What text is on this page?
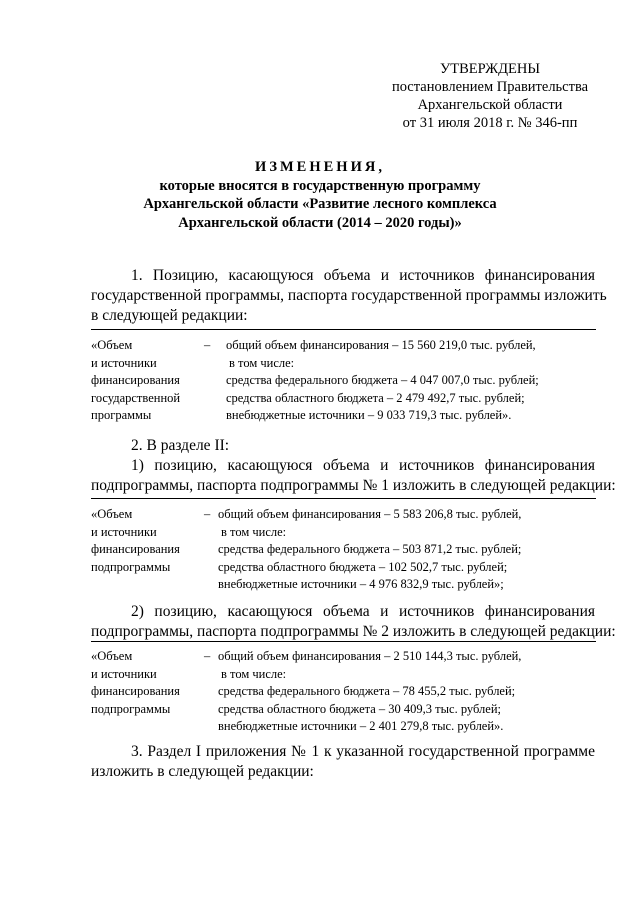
УТВЕРЖДЕНЫ
постановлением Правительства
Архангельской области
от 31 июля 2018 г. № 346-пп
ИЗМЕНЕНИЯ,
которые вносятся в государственную программу
Архангельской области «Развитие лесного комплекса
Архангельской области (2014 – 2020 годы)»
1. Позицию, касающуюся объема и источников финансирования
государственной программы, паспорта государственной программы изложить
в следующей редакции:
«Объем
и источники
финансирования
государственной
программы
– общий объем финансирования – 15 560 219,0 тыс. рублей,
в том числе:
средства федерального бюджета – 4 047 007,0 тыс. рублей;
средства областного бюджета – 2 479 492,7 тыс. рублей;
внебюджетные источники – 9 033 719,3 тыс. рублей».
2. В разделе II:
1) позицию, касающуюся объема и источников финансирования
подпрограммы, паспорта подпрограммы № 1 изложить в следующей редакции:
«Объем
и источники
финансирования
подпрограммы
– общий объем финансирования – 5 583 206,8 тыс. рублей,
в том числе:
средства федерального бюджета – 503 871,2 тыс. рублей;
средства областного бюджета – 102 502,7 тыс. рублей;
внебюджетные источники – 4 976 832,9 тыс. рублей»;
2) позицию, касающуюся объема и источников финансирования
подпрограммы, паспорта подпрограммы № 2 изложить в следующей редакции:
«Объем
и источники
финансирования
подпрограммы
– общий объем финансирования – 2 510 144,3 тыс. рублей,
в том числе:
средства федерального бюджета – 78 455,2 тыс. рублей;
средства областного бюджета – 30 409,3 тыс. рублей;
внебюджетные источники – 2 401 279,8 тыс. рублей».
3. Раздел I приложения № 1 к указанной государственной программе
изложить в следующей редакции:
